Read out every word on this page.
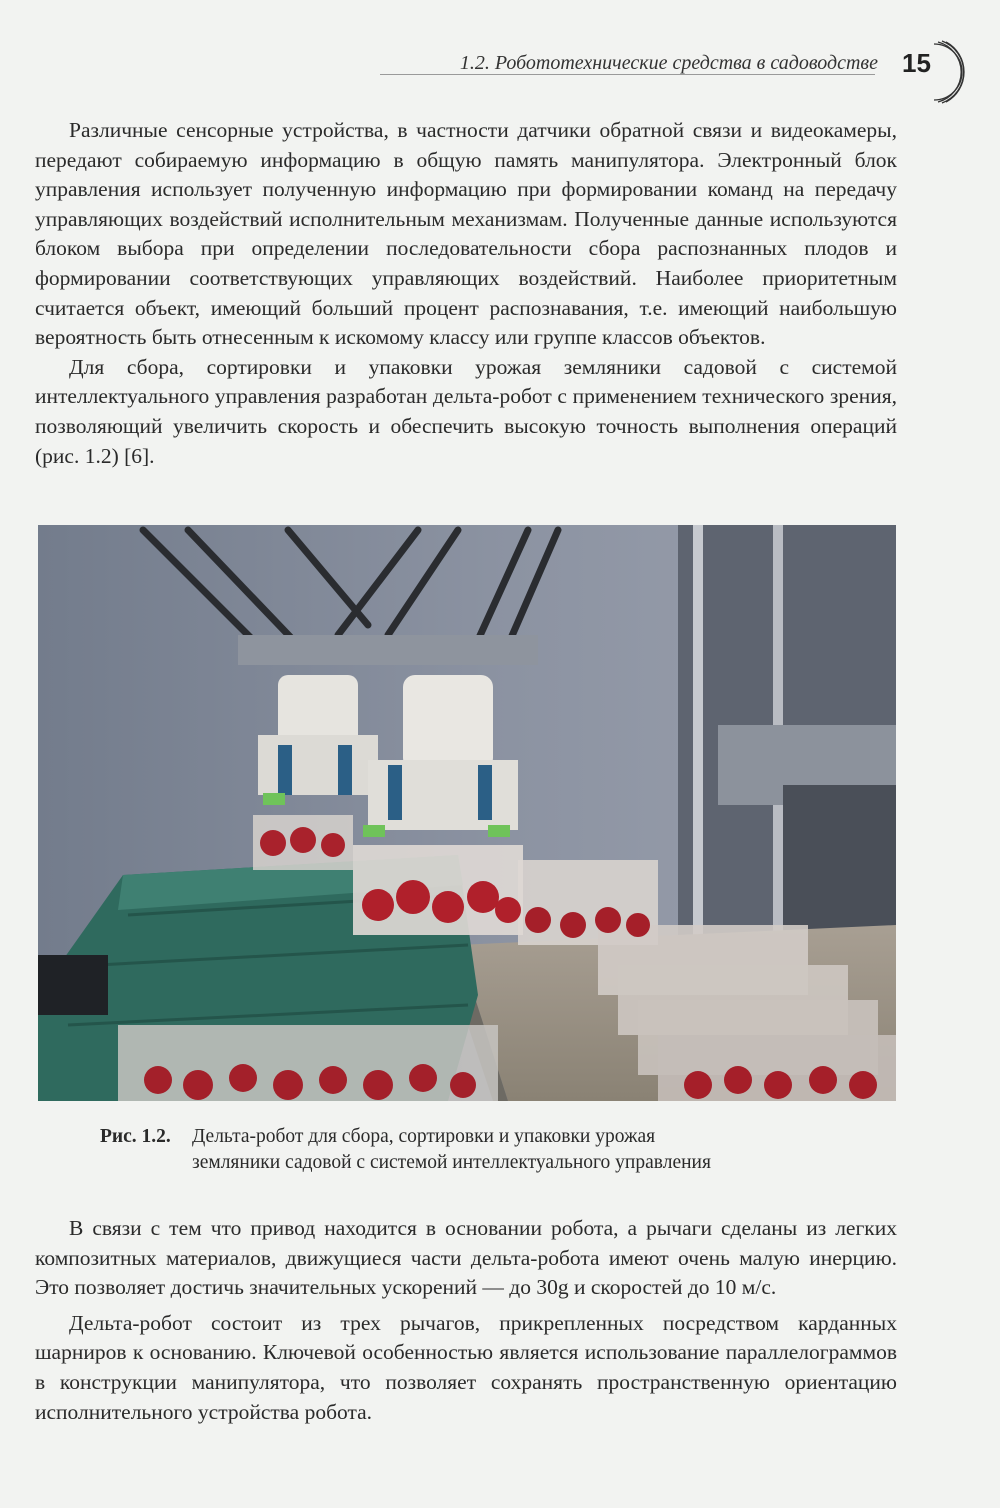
1.2. Робототехнические средства в садоводстве 15

Различные сенсорные устройства, в частности датчики обратной связи и видеокамеры, передают собираемую информацию в общую память манипулятора. Электронный блок управления использует полученную информацию при формировании команд на передачу управляющих воздействий исполнительным механизмам. Полученные данные используются блоком выбора при определении последовательности сбора распознанных плодов и формировании соответствующих управляющих воздействий. Наиболее приоритетным считается объект, имеющий больший процент распознавания, т.е. имеющий наибольшую вероятность быть отнесенным к искомому классу или группе классов объектов.

Для сбора, сортировки и упаковки урожая земляники садовой с системой интеллектуального управления разработан дельта-робот с применением технического зрения, позволяющий увеличить скорость и обеспечить высокую точность выполнения операций (рис. 1.2) [6].

Рис. 1.2. Дельта-робот для сбора, сортировки и упаковки урожая
земляники садовой с системой интеллектуального управления

В связи с тем что привод находится в основании робота, а рычаги сделаны из легких композитных материалов, движущиеся части дельта-робота имеют очень малую инерцию. Это позволяет достичь значительных ускорений — до 30g и скоростей до 10 м/с.

Дельта-робот состоит из трех рычагов, прикрепленных посредством карданных шарниров к основанию. Ключевой особенностью является использование параллелограммов в конструкции манипулятора, что позволяет сохранять пространственную ориентацию исполнительного устройства робота.
